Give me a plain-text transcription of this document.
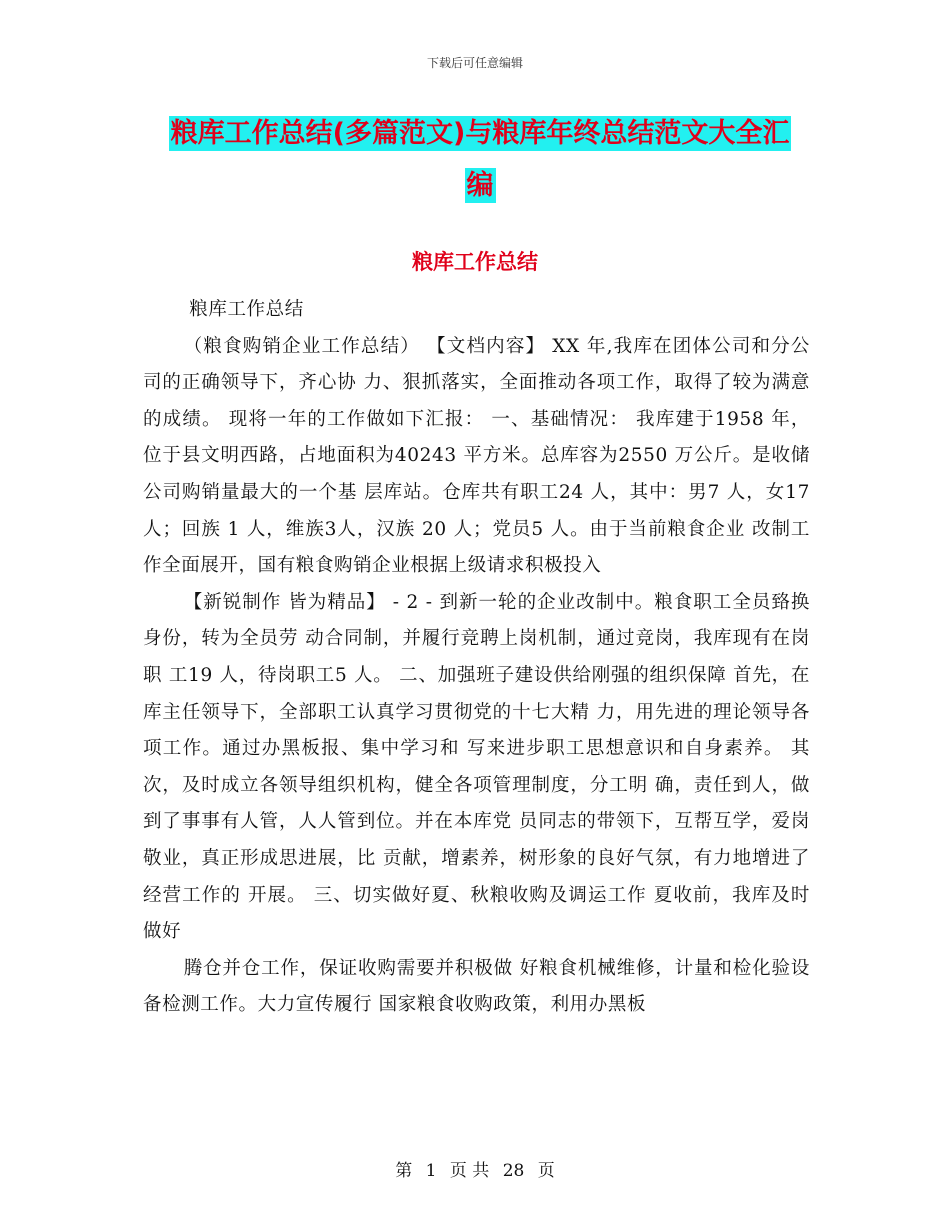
下载后可任意编辑
粮库工作总结(多篇范文)与粮库年终总结范文大全汇
编
粮库工作总结

粮库工作总结

（粮食购销企业工作总结） 【文档内容】 XX 年,我库在团体公司和分公司的正确领导下，齐心协 力、狠抓落实，全面推动各项工作，取得了较为满意的成绩。 现将一年的工作做如下汇报： 一、基础情况： 我库建于1958 年，位于县文明西路，占地面积为40243 平方米。总库容为2550 万公斤。是收储公司购销量最大的一个基 层库站。仓库共有职工24 人，其中：男7 人，女17 人；回族 1 人，维族3人，汉族 20 人；党员5 人。由于当前粮食企业 改制工作全面展开，国有粮食购销企业根据上级请求积极投入

【新锐制作 皆为精品】 - 2 - 到新一轮的企业改制中。粮食职工全员臵换身份，转为全员劳 动合同制，并履行竞聘上岗机制，通过竞岗，我库现有在岗职 工19 人，待岗职工5 人。 二、加强班子建设供给刚强的组织保障 首先，在库主任领导下，全部职工认真学习贯彻党的十七大精 力，用先进的理论领导各项工作。通过办黑板报、集中学习和 写来进步职工思想意识和自身素养。 其次，及时成立各领导组织机构，健全各项管理制度，分工明 确，责任到人，做到了事事有人管，人人管到位。并在本库党 员同志的带领下，互帮互学，爱岗敬业，真正形成思进展，比 贡献，增素养，树形象的良好气氛，有力地增进了经营工作的 开展。 三、切实做好夏、秋粮收购及调运工作 夏收前，我库及时做好

腾仓并仓工作，保证收购需要并积极做 好粮食机械维修，计量和检化验设备检测工作。大力宣传履行 国家粮食收购政策，利用办黑板

第 1 页 共 28 页
